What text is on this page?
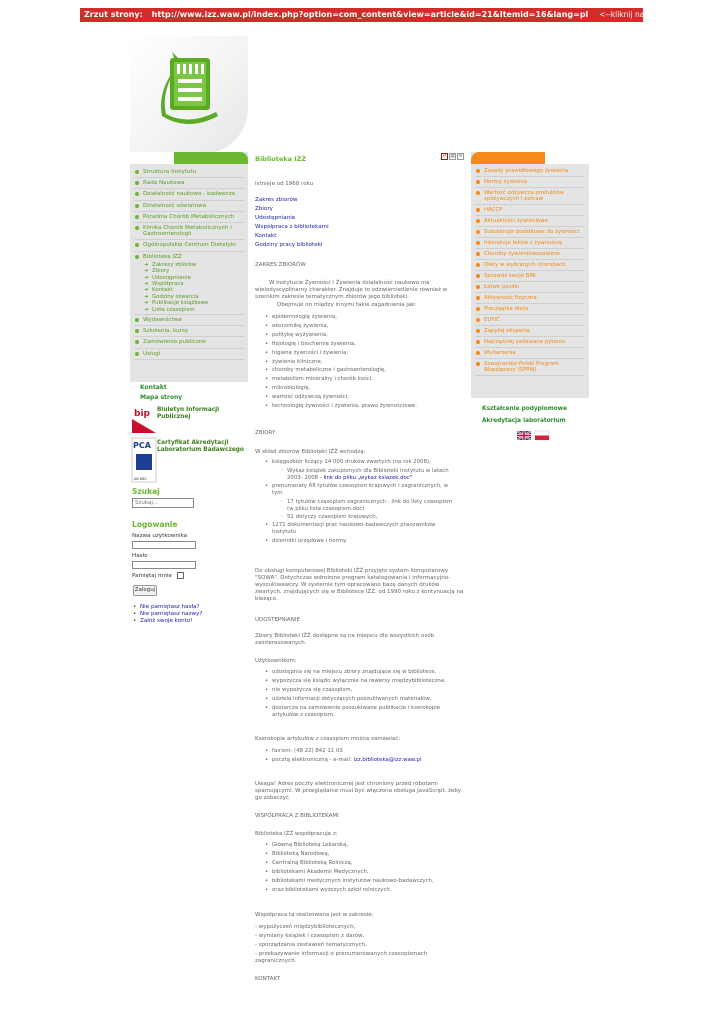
Zrzut strony: http://www.izz.waw.pl/index.php?option=com_content&view=article&id=21&Itemid=16&lang=pl <--kliknij na adresie
Struktura Instytutu
Rada Naukowa
Działalność naukowo - badawcza
Działalność oświatowa
Poradnia Chorób Metabolicznych
Klinika Chorób Metabolicznych i Gastroenterologii
Ogólnopolskie Centrum Dietetyki
Biblioteka IŻŻ
➜ Zakresy zbiorów
➜ Zbiory
➜ Udostępnianie
➜ Współpraca
➜ Kontakt
➜ Godziny otwarcia
➜ Publikacje książkowe
➜ Lista czasopism
Wydawnictwa
Szkolenia, kursy
Zamówienia publiczne
Usługi
Kontakt
Mapa strony
bip Biuletyn Informacji Publicznej
PCA
AB 660
Certyfikat Akredytacji Laboratorium Badawczego
Szukaj
Szukaj...
Logowanie
Nazwa użytkownika
Hasło
Pamiętaj mnie
Zaloguj
• Nie pamiętasz hasła?
• Nie pamiętasz nazwy?
• Załóż swoje konto!
Biblioteka IŻŻ	P	▤ ✉
Istnieje od 1968 roku
Zakres zbiorów
Zbiory
Udostępnianie
Współpraca z bibliotekami
Kontakt
Godziny pracy biblioteki
ZAKRES ZBIORÓW
W Instytucie Żywności i Żywienia działalność naukowa ma wielodyscyplinarny charakter. Znajduje to odzwierciedlenie również w szerokim zakresie tematycznym zbiorów jego biblioteki.
Obejmuje on między innymi takie zagadnienia jak:
• epidemiologię żywienia,
• ekonomikę żywienia,
• politykę wyżywienia,
• fizjologię i biochemię żywienia,
• higienę żywności i żywienia,
• żywienie kliniczne,
• choroby metaboliczne i gastroenterologię,
• metabolizm mineralny i chorób kości,
• mikrobiologię,
• wartość odżywczą żywności,
• technologię żywności i żywienia, prawo żywnościowe.
ZBIORY
W skład zbiorów Biblioteki IŻŻ wchodzą:
• księgozbiór liczący 14 000 druków zwartych (na rok 2008),
◦ Wykaz książek zakupionych dla Biblioteki Instytutu w latach 2003- 2008 - link do pliku „wykaz ksiazek.doc"
• prenumeraty 68 tytułów czasopism krajowych i zagranicznych, w tym
◦ 17 tytułów czasopism zagranicznych - link do listy czasopism (w pliku lista czasopism.doc)
◦ 51 dotyczy czasopism krajowych,
• 1271 dokumentacji prac naukowo-badawczych pracowników Instytutu
• dzienniki urzędowe i normy.
Do obsługi komputerowej Biblioteki IŻŻ przyjęto system komputerowy "SOWA". Dotychczas wdrożono program katalogowania i informacyjno-wyszukiwawczy. W systemie tym opracowano bazę danych druków zwartych, znajdujących się w Bibliotece IŻŻ, od 1990 roku z kontynuacją na bieżąco.
UDOSTĘPNIANIE
Zbiory Biblioteki IŻŻ dostępne są na miejscu dla wszystkich osób zainteresowanych.
Użytkownikom:
• udostępnia się na miejscu zbiory znajdujące się w bibliotece,
• wypożycza się książki wyłącznie na rewersy międzybiblioteczne,
• nie wypożycza się czasopism,
• udziela informacji dotyczących poszukiwanych materiałów,
• dostarcza na zamówienie poszukiwane publikacje i kserokopie artykułów z czasopism.
Kserokopie artykułów z czasopism można zamawiać:
• fax'em: (48 22) 842 11 03
• pocztą elektroniczną - e-mail: izz.biblioteka@izz.waw.pl
Uwaga! Adres poczty elektronicznej jest chroniony przed robotami spamującymi. W przeglądarce musi być włączona obsługa JavaScript, żeby go zobaczyć.
WSPÓŁPRACA Z BIBLIOTEKAMI
Biblioteka IŻŻ współpracuje z:
• Główną Biblioteką Lekarską,
• Biblioteką Narodową,
• Centralną Biblioteką Rolniczą,
• bibliotekami Akademii Medycznych,
• bibliotekami medycznych instytutów naukowo-badawczych,
• oraz bibliotekami wyższych szkół rolniczych.
Współpraca ta realizowana jest w zakresie:
- wypożyczeń międzybibliotecznych,
- wymiany książek i czasopism z darów,
- sporządzania zestawień tematycznych,
- przekazywanie informacji o prenumerowanych czasopismach zagranicznych.
KONTAKT
Zasady prawidłowego żywienia
Normy żywienia
Wartość odżywcza produktów spożywczych i potraw
HACCP
Aktualności żywieniowe
Substancje dodatkowe do żywności
Interakcje leków z żywnością
Choroby żywieniowozależne
Diety w wybranych chorobach
Sprawdź swoje BMI
Łatwe posiłki
Aktywność fizyczna
Piecząątka dieta
EUFIC
Zapytaj eksperta
Najczęściej zadawane pytania
Wydarzenia
Szwajcarsko-Polski Program Współpracy (SPPW)
Kształcenie podyplomowe
Akredytacja laboratorium
